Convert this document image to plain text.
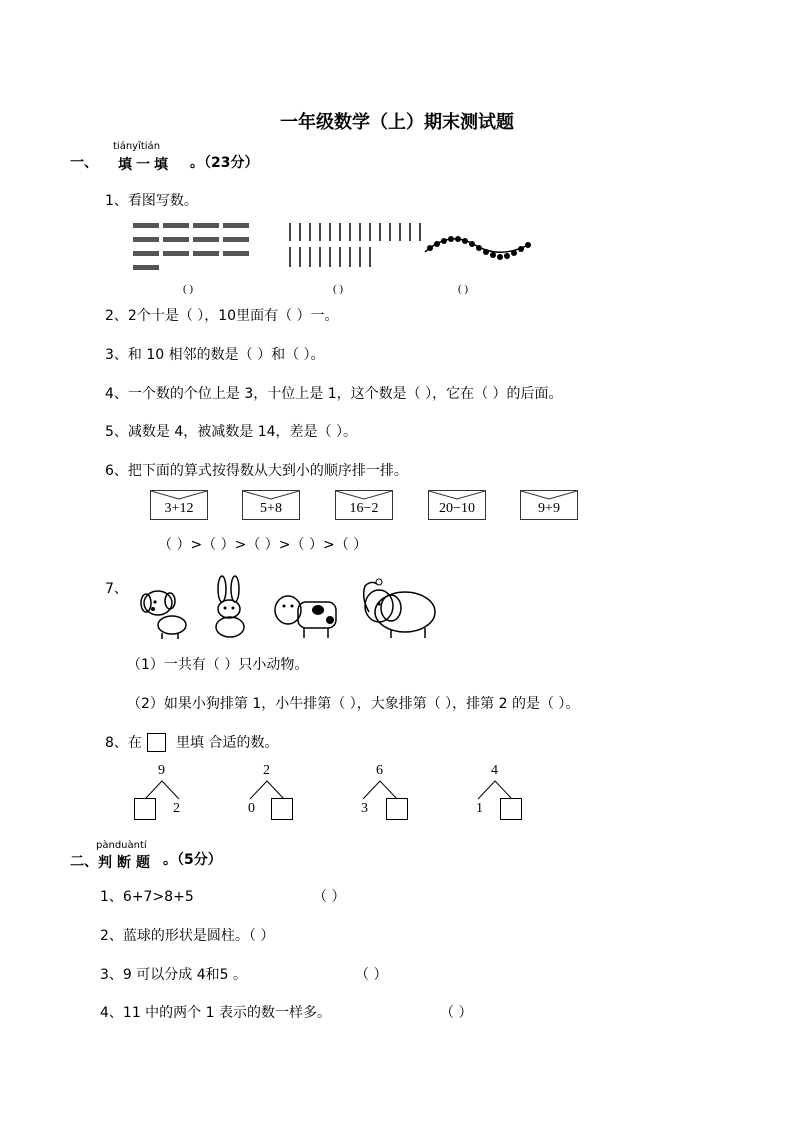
一年级数学（上）期末测试题
一、
tiányītián
填一填 。（23分）
1、看图写数。
( )	( )	( )
2、2个十是（ ），10里面有（ ）一。
3、和 10 相邻的数是（ ）和（ ）。
4、一个数的个位上是 3，十位上是 1，这个数是（ ），它在（ ）的后面。
5、减数是 4，被减数是 14，差是（ ）。
6、把下面的算式按得数从大到小的顺序排一排。
3+12	5+8	16−2	20−10	9+9
（ ）>（ ）>（ ）>（ ）>（ ）
7、
（1）一共有（ ）只小动物。
（2）如果小狗排第 1，小牛排第（ ），大象排第（ ），排第 2 的是（ ）。
8、在 里填 合适的数。
9
2
2
0
6
3
4
1
二、
pànduàntí
判断题 。（5分）
1、6+7>8+5	（ ）
2、蓝球的形状是圆柱。（ ）
3、9 可以分成 4和5 。	（ ）
4、11 中的两个 1 表示的数一样多。	（ ）
